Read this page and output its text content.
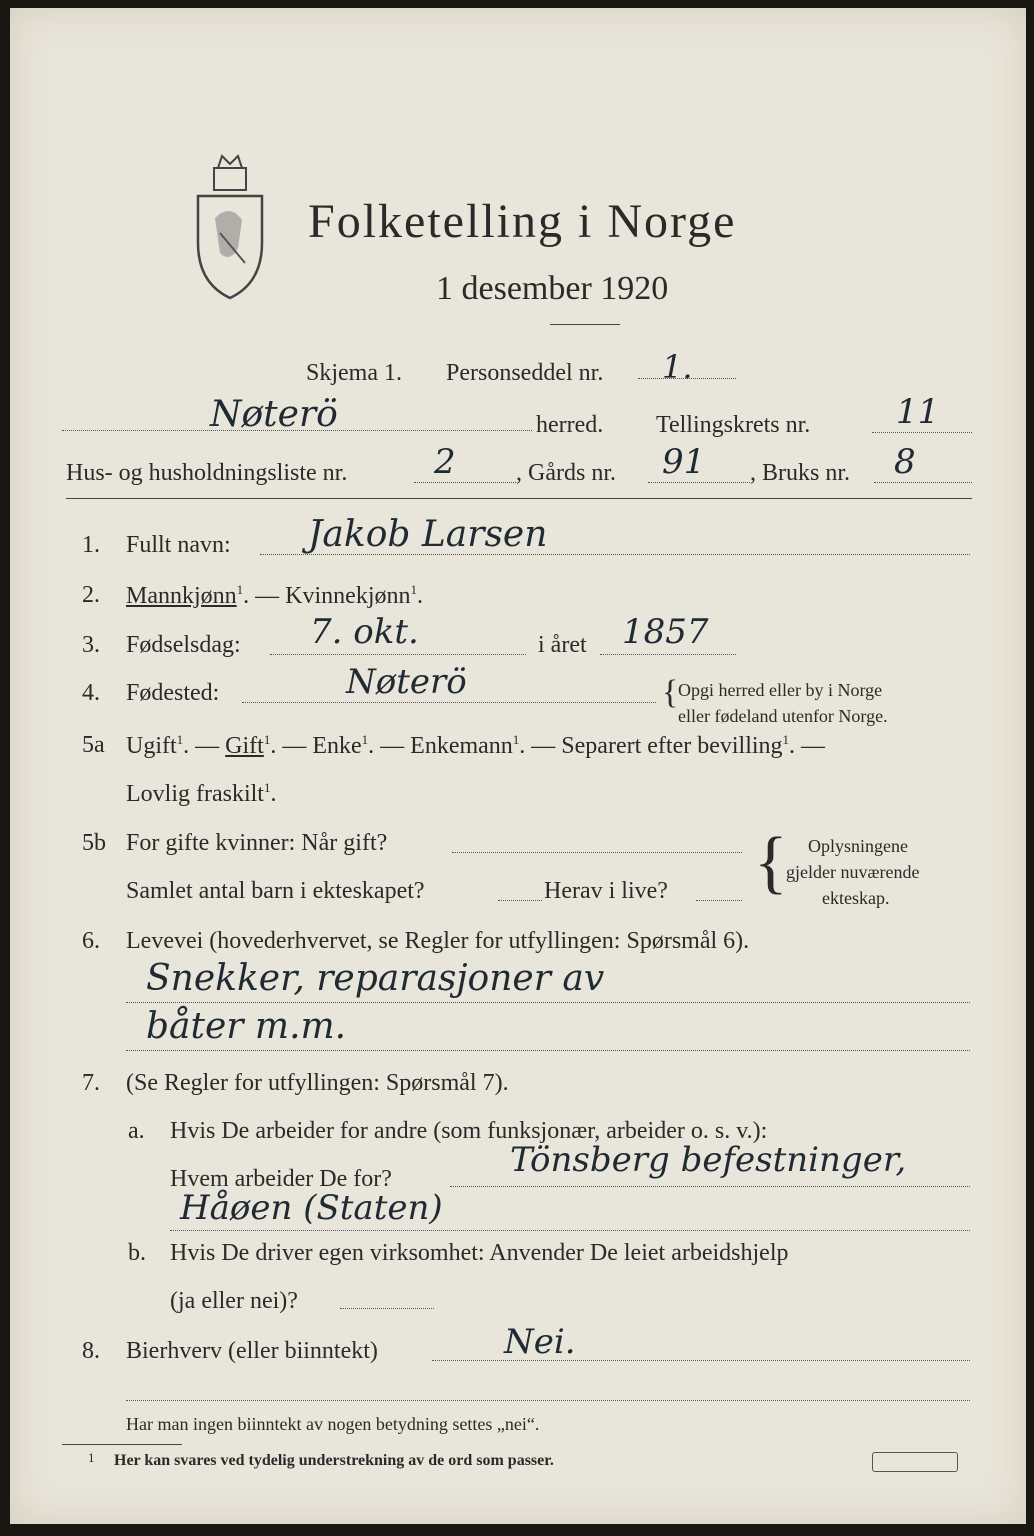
Folketelling i Norge
1 desember 1920
Skjema 1. Personseddel nr. 1.
Nøterö	herred. Tellingskrets nr.	11
Hus- og husholdningsliste nr.	2	, Gårds nr. 91 , Bruks nr. 8
1. Fullt navn: Jakob Larsen
2. Mannkjønn$^1$. — Kvinnekjønn$^1$.
3. Fødselsdag: 7. okt.	i året 1857
4. Fødested:	Nøterö	{ Opgi herred eller by i Norge
eller fødeland utenfor Norge.
5a Ugift$^1$. — Gift$^1$. — Enke$^1$. — Enkemann$^1$. — Separert efter bevilling$^1$. —
Lovlig fraskilt$^1$.
5b For gifte kvinner: Når gift?
Samlet antal barn i ekteskapet?	Herav i live? { Oplysningene
gjelder nuværende
ekteskap.
6. Levevei (hovederhvervet, se Regler for utfyllingen: Spørsmål 6).
Snekker, reparasjoner av
båter m.m.
7. (Se Regler for utfyllingen: Spørsmål 7).
a. Hvis De arbeider for andre (som funksjonær, arbeider o. s. v.):
Hvem arbeider De for?	Tönsberg befestninger,
Håøen (Staten)
b. Hvis De driver egen virksomhet: Anvender De leiet arbeidshjelp
(ja eller nei)?
8. Bierhverv (eller biinntekt)	Nei.
Har man ingen biinntekt av nogen betydning settes „nei“.
1 Her kan svares ved tydelig understrekning av de ord som passer.
